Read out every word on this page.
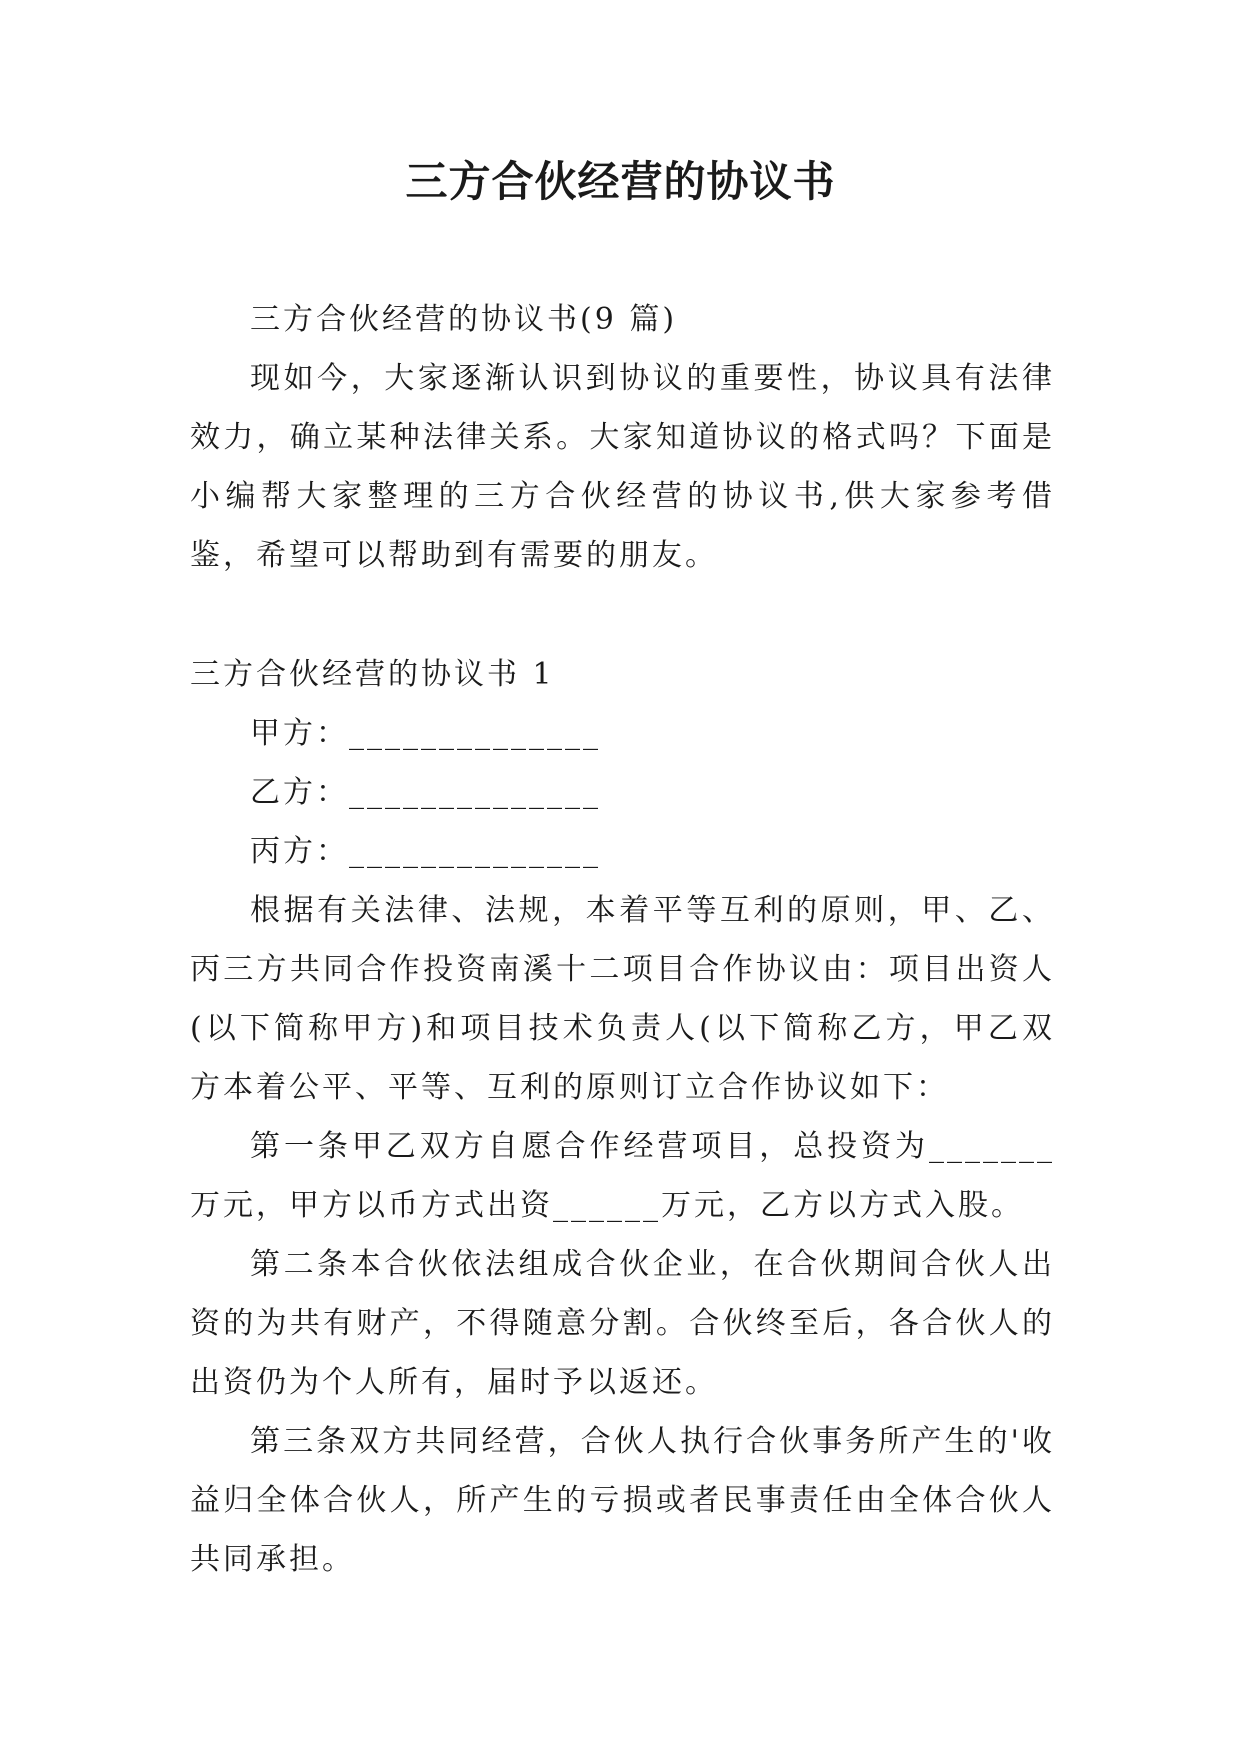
三方合伙经营的协议书

三方合伙经营的协议书(9 篇)

现如今，大家逐渐认识到协议的重要性，协议具有法律效力，确立某种法律关系。大家知道协议的格式吗？下面是小编帮大家整理的三方合伙经营的协议书,供大家参考借鉴，希望可以帮助到有需要的朋友。

三方合伙经营的协议书 1

甲方：______________

乙方：______________

丙方：______________

根据有关法律、法规，本着平等互利的原则，甲、乙、丙三方共同合作投资南溪十二项目合作协议由：项目出资人(以下简称甲方)和项目技术负责人(以下简称乙方，甲乙双方本着公平、平等、互利的原则订立合作协议如下：

第一条甲乙双方自愿合作经营项目，总投资为_______万元，甲方以币方式出资______万元，乙方以方式入股。

第二条本合伙依法组成合伙企业，在合伙期间合伙人出资的为共有财产，不得随意分割。合伙终至后，各合伙人的出资仍为个人所有，届时予以返还。

第三条双方共同经营，合伙人执行合伙事务所产生的'收益归全体合伙人，所产生的亏损或者民事责任由全体合伙人共同承担。
